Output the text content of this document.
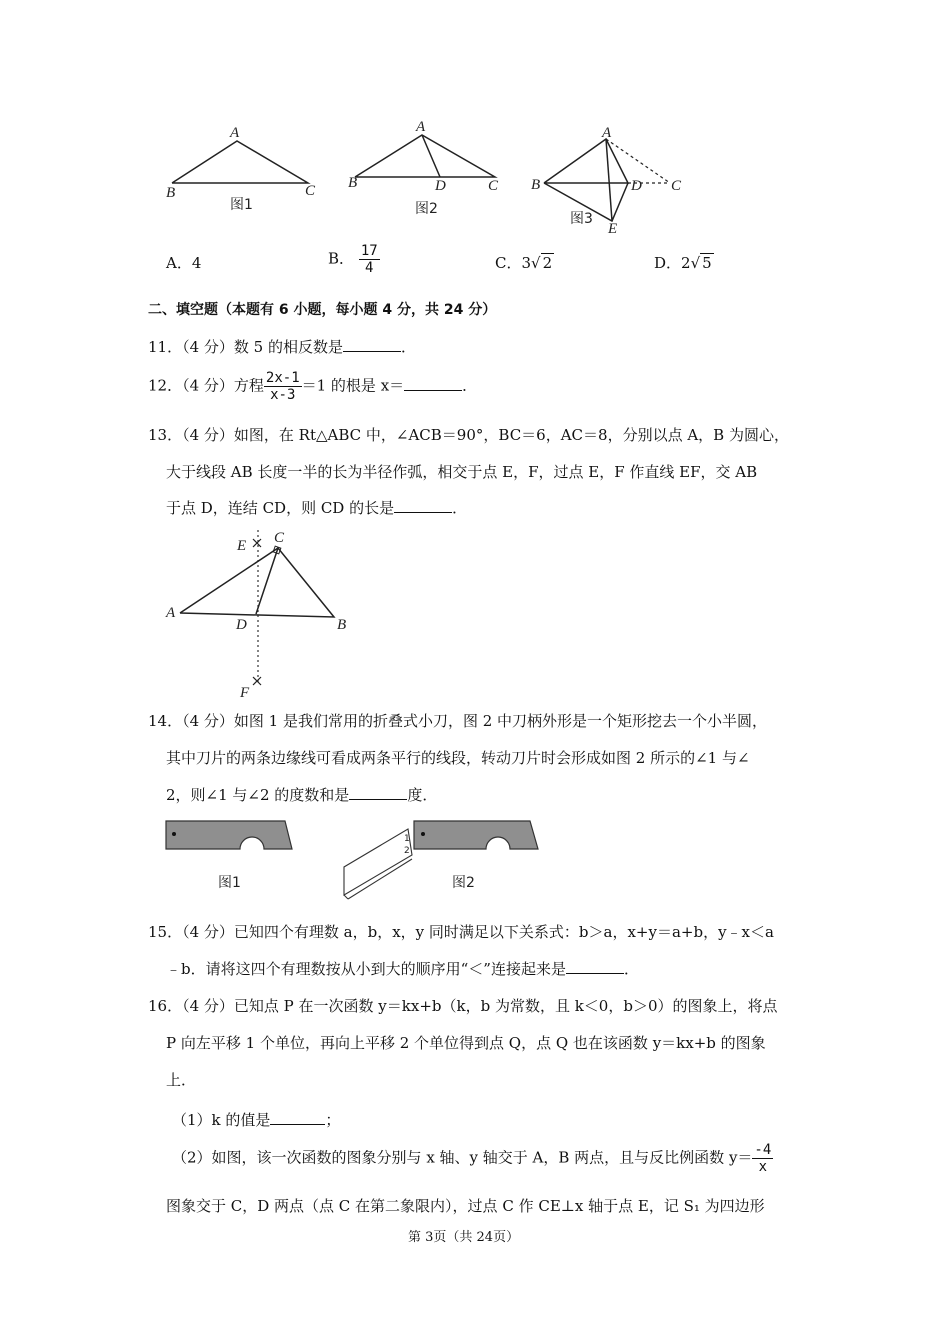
A
B	C
图1
A
B	D	C
图2
A
B	D C
E
图3
A．4	B． $\frac{17}{4}$	C．3√ 2	D．2√ 5
二、填空题（本题有 6 小题，每小题 4 分，共 24 分）
11．（4 分）数 5 的相反数是	．
12．（4 分）方程 $\frac{2x-1}{x-3} =1$ 的根是 x＝	．
13．（4 分）如图，在 Rt△ABC 中，∠ACB＝90°，BC＝6，AC＝8，分别以点 A，B 为圆心，
大于线段 AB 长度一半的长为半径作弧，相交于点 E，F，过点 E，F 作直线 EF，交 AB
于点 D，连结 CD，则 CD 的长是	．
E C
A
D	B
F
14．（4 分）如图 1 是我们常用的折叠式小刀，图 2 中刀柄外形是一个矩形挖去一个小半圆，
其中刀片的两条边缘线可看成两条平行的线段，转动刀片时会形成如图 2 所示的∠1 与∠
2，则∠1 与∠2 的度数和是	度．
图1
1
2
图2
15．（4 分）已知四个有理数 a，b，x，y 同时满足以下关系式：b＞a，x+y＝a+b，y﹣x＜a
﹣b．请将这四个有理数按从小到大的顺序用“＜”连接起来是	．
16．（4 分）已知点 P 在一次函数 y＝kx+b（k，b 为常数，且 k＜0，b＞0）的图象上，将点
P 向左平移 1 个单位，再向上平移 2 个单位得到点 Q，点 Q 也在该函数 y＝kx+b 的图象
上．
（1）k 的值是	；
（2）如图，该一次函数的图象分别与 x 轴、y 轴交于 A，B 两点，且与反比例函数 $y= \frac{-4}{x}$
图象交于 C，D 两点（点 C 在第二象限内），过点 C 作 CE⊥x 轴于点 E，记 S₁ 为四边形
第 3页（共 24页）
